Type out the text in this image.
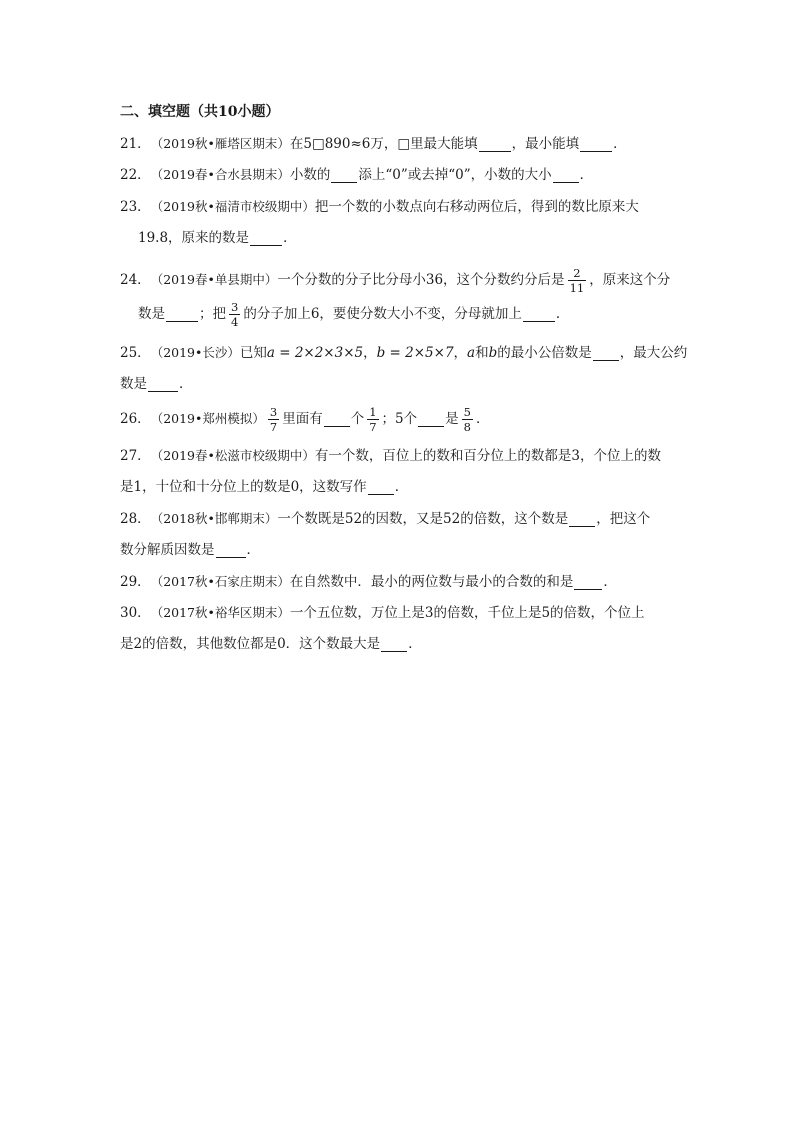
二、填空题（共10小题）
21． （2019秋•雁塔区期末） 在5□890≈6万，□里最大能填	，最小能填	．
22． （2019春•合水县期末） 小数的 添上“0”或去掉“0”，小数的大小 ．
23． （2019秋•福清市校级期中） 把一个数的小数点向右移动两位后，得到的数比原来大
19.8，原来的数是	．
24． （2019春•单县期中） 一个分数的分子比分母小36，这个分数约分后是 $\frac{2}{11}$ ，原来这个分
数是	；把 $\frac{3}{4}$ 的分子加上6，要使分数大小不变，分母就加上	．
25． （2019•长沙） 已知 a = 2×2×3×5 ， b = 2×5×7 ， a 和 b 的最小公倍数是 ，最大公约
数是 ．
26． （2019•郑州模拟） $\frac{3}{7}$ 里面有 个 $\frac{1}{7}$ ；5个 是 $\frac{5}{8}$ ．
27． （2019春•松滋市校级期中） 有一个数，百位上的数和百分位上的数都是3，个位上的数
是1，十位和十分位上的数是0，这数写作 ．
28． （2018秋•邯郸期末） 一个数既是52的因数，又是52的倍数，这个数是 ，把这个
数分解质因数是 ．
29． （2017秋•石家庄期末） 在自然数中．最小的两位数与最小的合数的和是 ．
30． （2017秋•裕华区期末） 一个五位数，万位上是3的倍数，千位上是5的倍数，个位上
是2的倍数，其他数位都是0．这个数最大是 ．
